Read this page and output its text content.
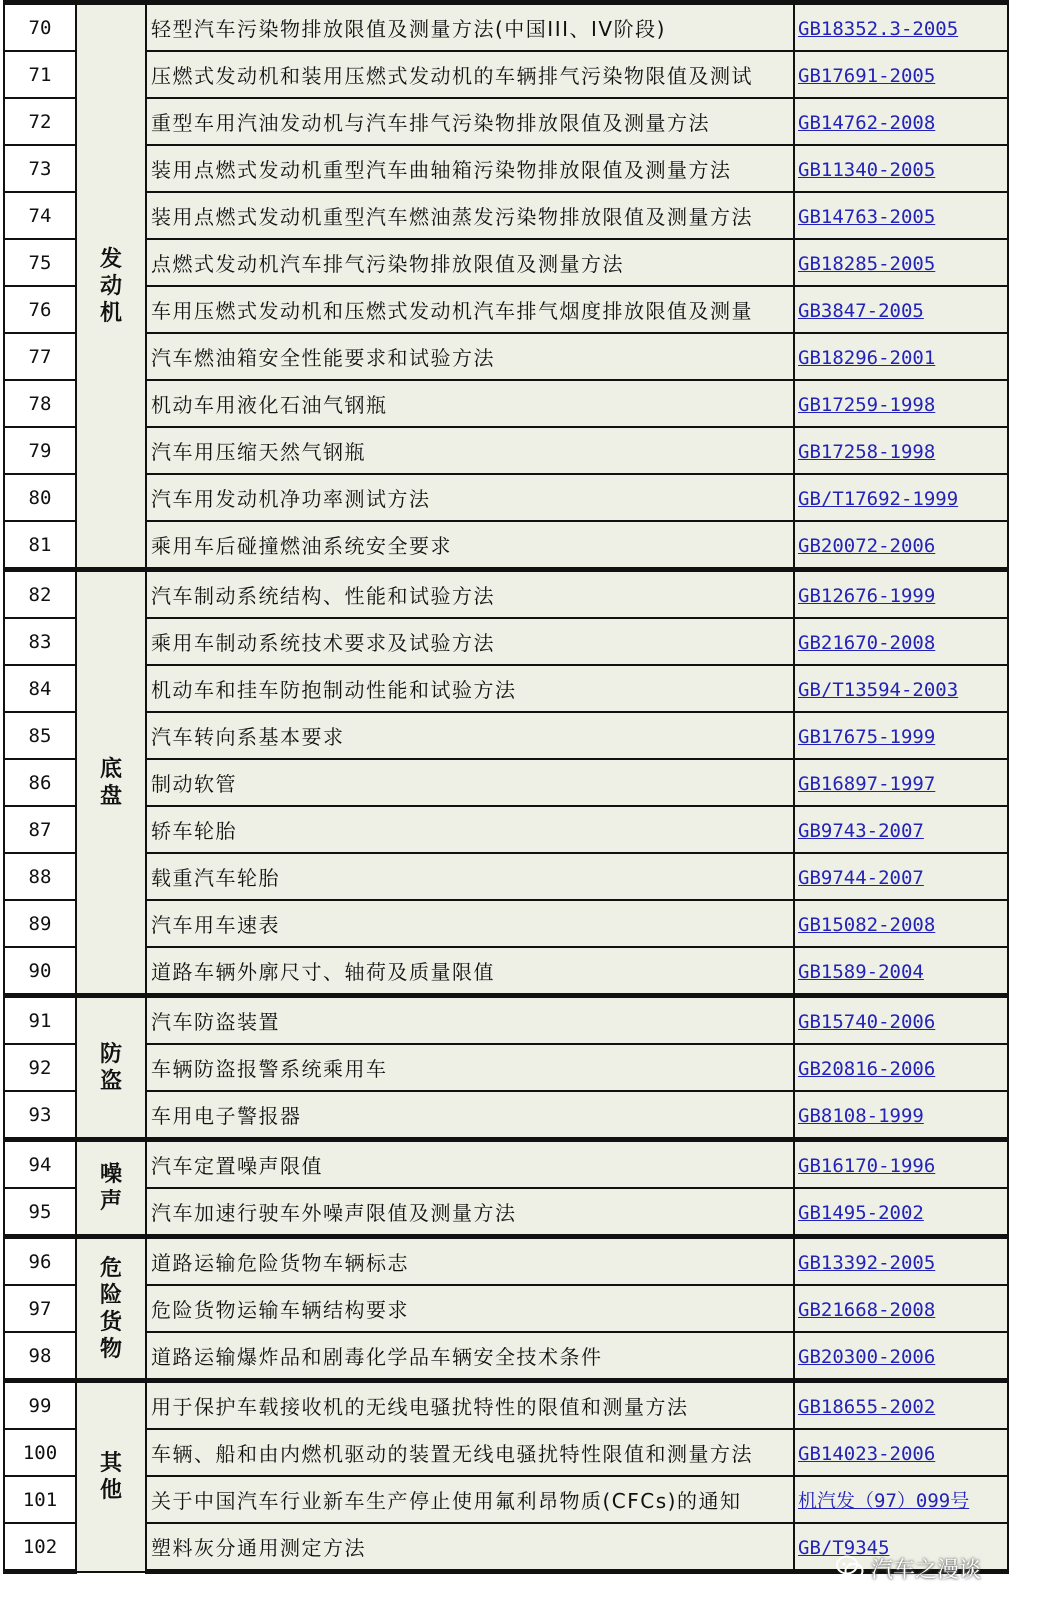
70	发动机	轻型汽车污染物排放限值及测量方法(中国III、IV阶段)	GB18352.3-2005
71		压燃式发动机和装用压燃式发动机的车辆排气污染物限值及测试	GB17691-2005
72		重型车用汽油发动机与汽车排气污染物排放限值及测量方法	GB14762-2008
73		装用点燃式发动机重型汽车曲轴箱污染物排放限值及测量方法	GB11340-2005
74		装用点燃式发动机重型汽车燃油蒸发污染物排放限值及测量方法	GB14763-2005
75		点燃式发动机汽车排气污染物排放限值及测量方法	GB18285-2005
76		车用压燃式发动机和压燃式发动机汽车排气烟度排放限值及测量	GB3847-2005
77		汽车燃油箱安全性能要求和试验方法	GB18296-2001
78		机动车用液化石油气钢瓶	GB17259-1998
79		汽车用压缩天然气钢瓶	GB17258-1998
80		汽车用发动机净功率测试方法	GB/T17692-1999
81		乘用车后碰撞燃油系统安全要求	GB20072-2006
82	底盘	汽车制动系统结构、性能和试验方法	GB12676-1999
83		乘用车制动系统技术要求及试验方法	GB21670-2008
84		机动车和挂车防抱制动性能和试验方法	GB/T13594-2003
85		汽车转向系基本要求	GB17675-1999
86		制动软管	GB16897-1997
87		轿车轮胎	GB9743-2007
88		载重汽车轮胎	GB9744-2007
89		汽车用车速表	GB15082-2008
90		道路车辆外廓尺寸、轴荷及质量限值	GB1589-2004
91	防盗	汽车防盗装置	GB15740-2006
92		车辆防盗报警系统乘用车	GB20816-2006
93		车用电子警报器	GB8108-1999
94	噪声	汽车定置噪声限值	GB16170-1996
95		汽车加速行驶车外噪声限值及测量方法	GB1495-2002
96	危险货物	道路运输危险货物车辆标志	GB13392-2005
97		危险货物运输车辆结构要求	GB21668-2008
98		道路运输爆炸品和剧毒化学品车辆安全技术条件	GB20300-2006
99	其他	用于保护车载接收机的无线电骚扰特性的限值和测量方法	GB18655-2002
100		车辆、船和由内燃机驱动的装置无线电骚扰特性限值和测量方法	GB14023-2006
101		关于中国汽车行业新车生产停止使用氟利昂物质(CFCs)的通知	机汽发（97）099号
102		塑料灰分通用测定方法	GB/T9345
汽车之漫谈
